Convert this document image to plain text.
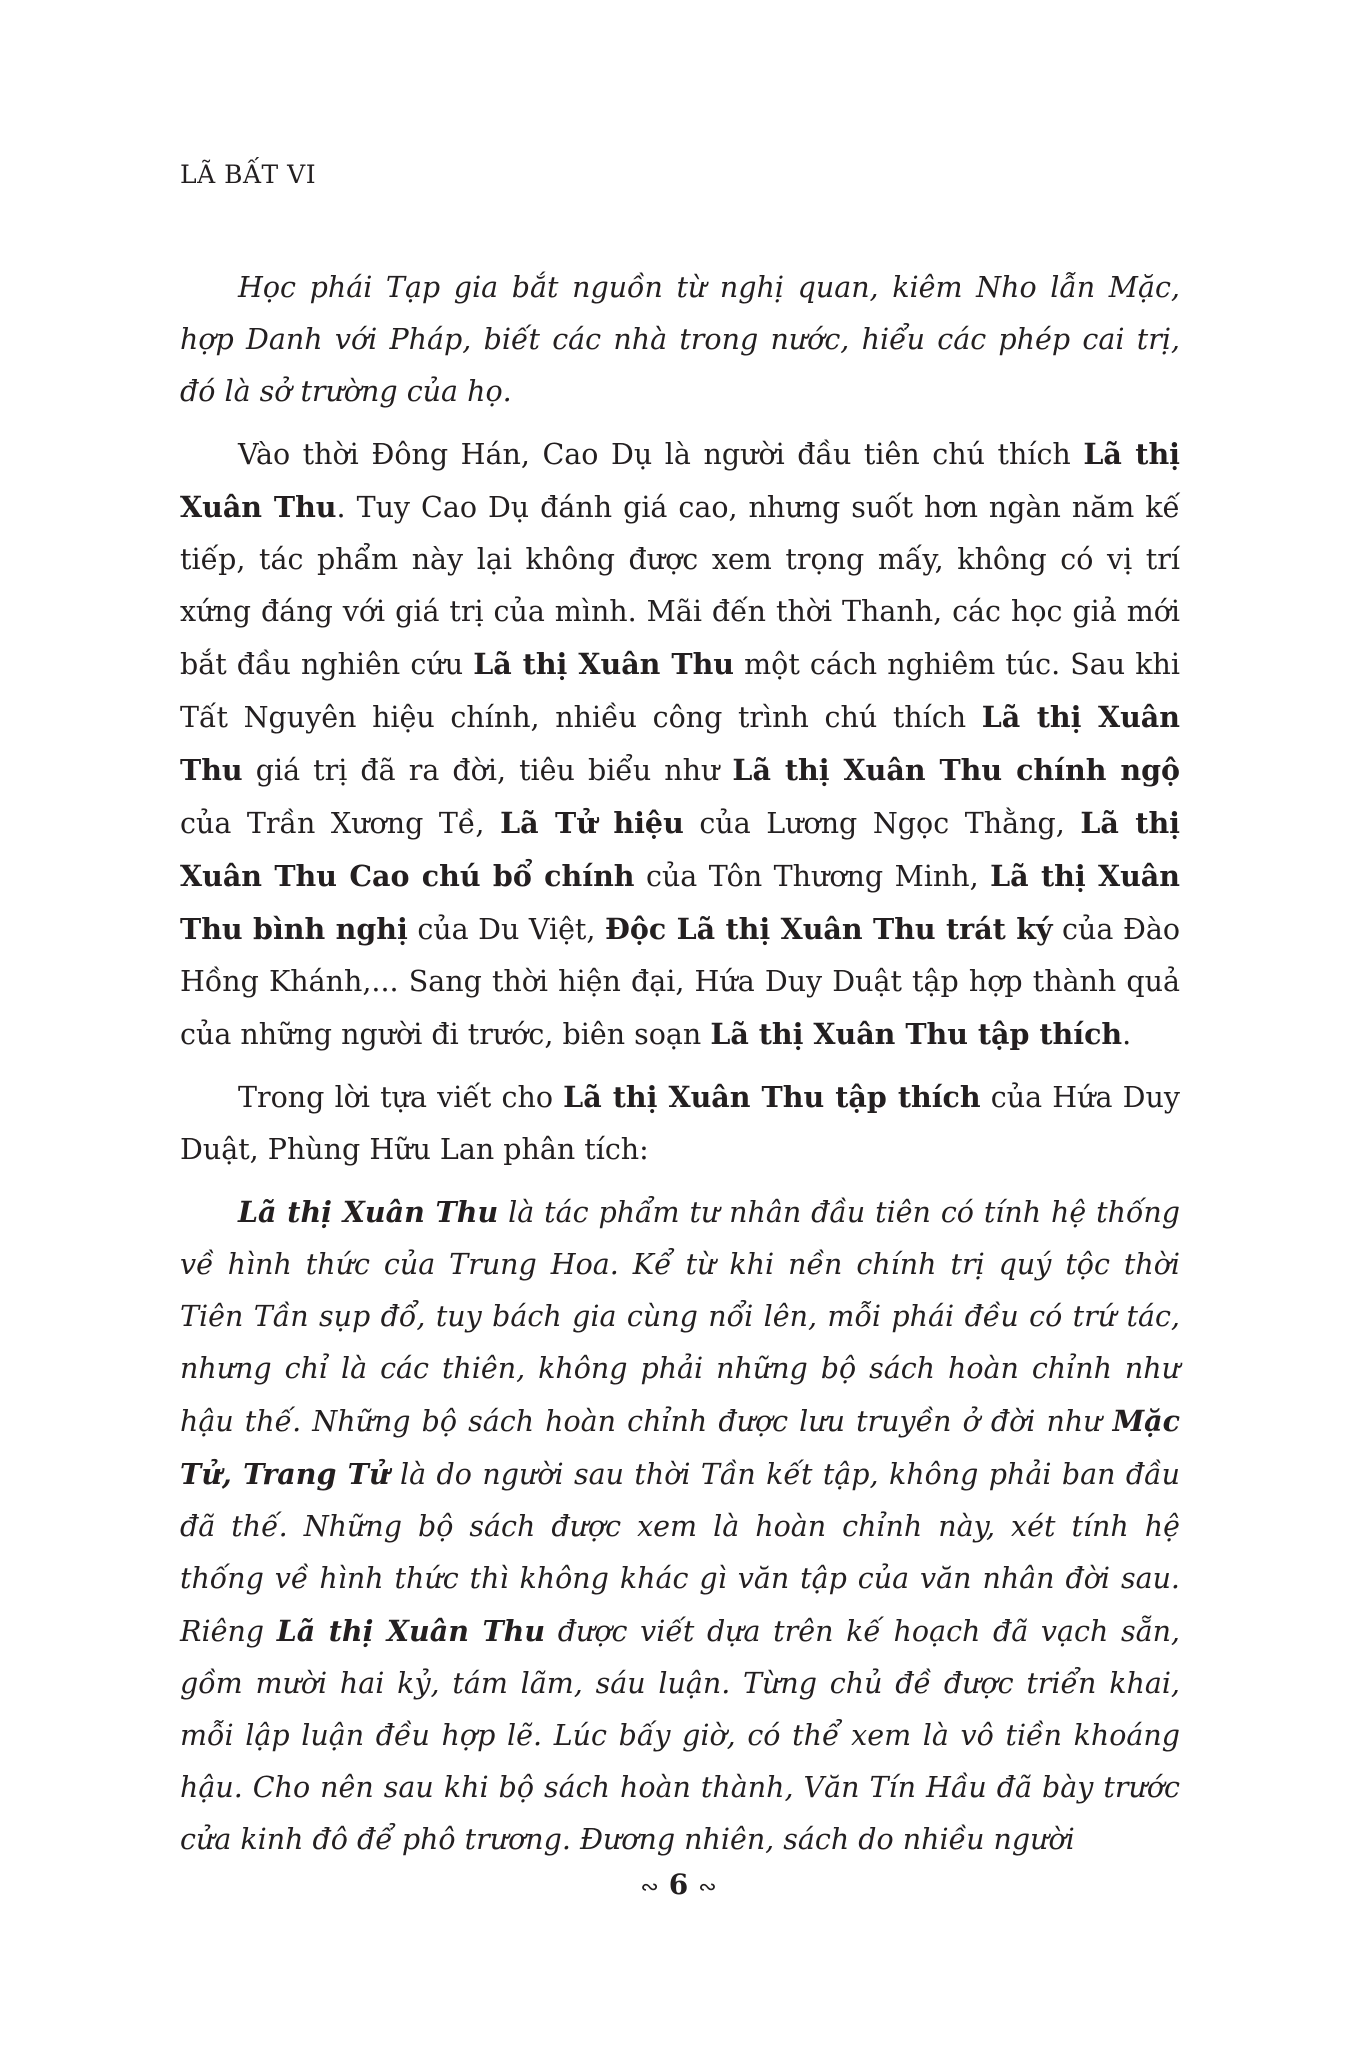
LÃ BẤT VI

Học phái Tạp gia bắt nguồn từ nghị quan, kiêm Nho lẫn Mặc, hợp Danh với Pháp, biết các nhà trong nước, hiểu các phép cai trị, đó là sở trường của họ.

Vào thời Đông Hán, Cao Dụ là người đầu tiên chú thích Lã thị Xuân Thu. Tuy Cao Dụ đánh giá cao, nhưng suốt hơn ngàn năm kế tiếp, tác phẩm này lại không được xem trọng mấy, không có vị trí xứng đáng với giá trị của mình. Mãi đến thời Thanh, các học giả mới bắt đầu nghiên cứu Lã thị Xuân Thu một cách nghiêm túc. Sau khi Tất Nguyên hiệu chính, nhiều công trình chú thích Lã thị Xuân Thu giá trị đã ra đời, tiêu biểu như Lã thị Xuân Thu chính ngộ của Trần Xương Tề, Lã Tử hiệu của Lương Ngọc Thằng, Lã thị Xuân Thu Cao chú bổ chính của Tôn Thương Minh, Lã thị Xuân Thu bình nghị của Du Việt, Độc Lã thị Xuân Thu trát ký của Đào Hồng Khánh,... Sang thời hiện đại, Hứa Duy Duật tập hợp thành quả của những người đi trước, biên soạn Lã thị Xuân Thu tập thích.

Trong lời tựa viết cho Lã thị Xuân Thu tập thích của Hứa Duy Duật, Phùng Hữu Lan phân tích:

Lã thị Xuân Thu là tác phẩm tư nhân đầu tiên có tính hệ thống về hình thức của Trung Hoa. Kể từ khi nền chính trị quý tộc thời Tiên Tần sụp đổ, tuy bách gia cùng nổi lên, mỗi phái đều có trứ tác, nhưng chỉ là các thiên, không phải những bộ sách hoàn chỉnh như hậu thế. Những bộ sách hoàn chỉnh được lưu truyền ở đời như Mặc Tử, Trang Tử là do người sau thời Tần kết tập, không phải ban đầu đã thế. Những bộ sách được xem là hoàn chỉnh này, xét tính hệ thống về hình thức thì không khác gì văn tập của văn nhân đời sau. Riêng Lã thị Xuân Thu được viết dựa trên kế hoạch đã vạch sẵn, gồm mười hai kỷ, tám lãm, sáu luận. Từng chủ đề được triển khai, mỗi lập luận đều hợp lẽ. Lúc bấy giờ, có thể xem là vô tiền khoáng hậu. Cho nên sau khi bộ sách hoàn thành, Văn Tín Hầu đã bày trước cửa kinh đô để phô trương. Đương nhiên, sách do nhiều người

∾ 6 ∾
